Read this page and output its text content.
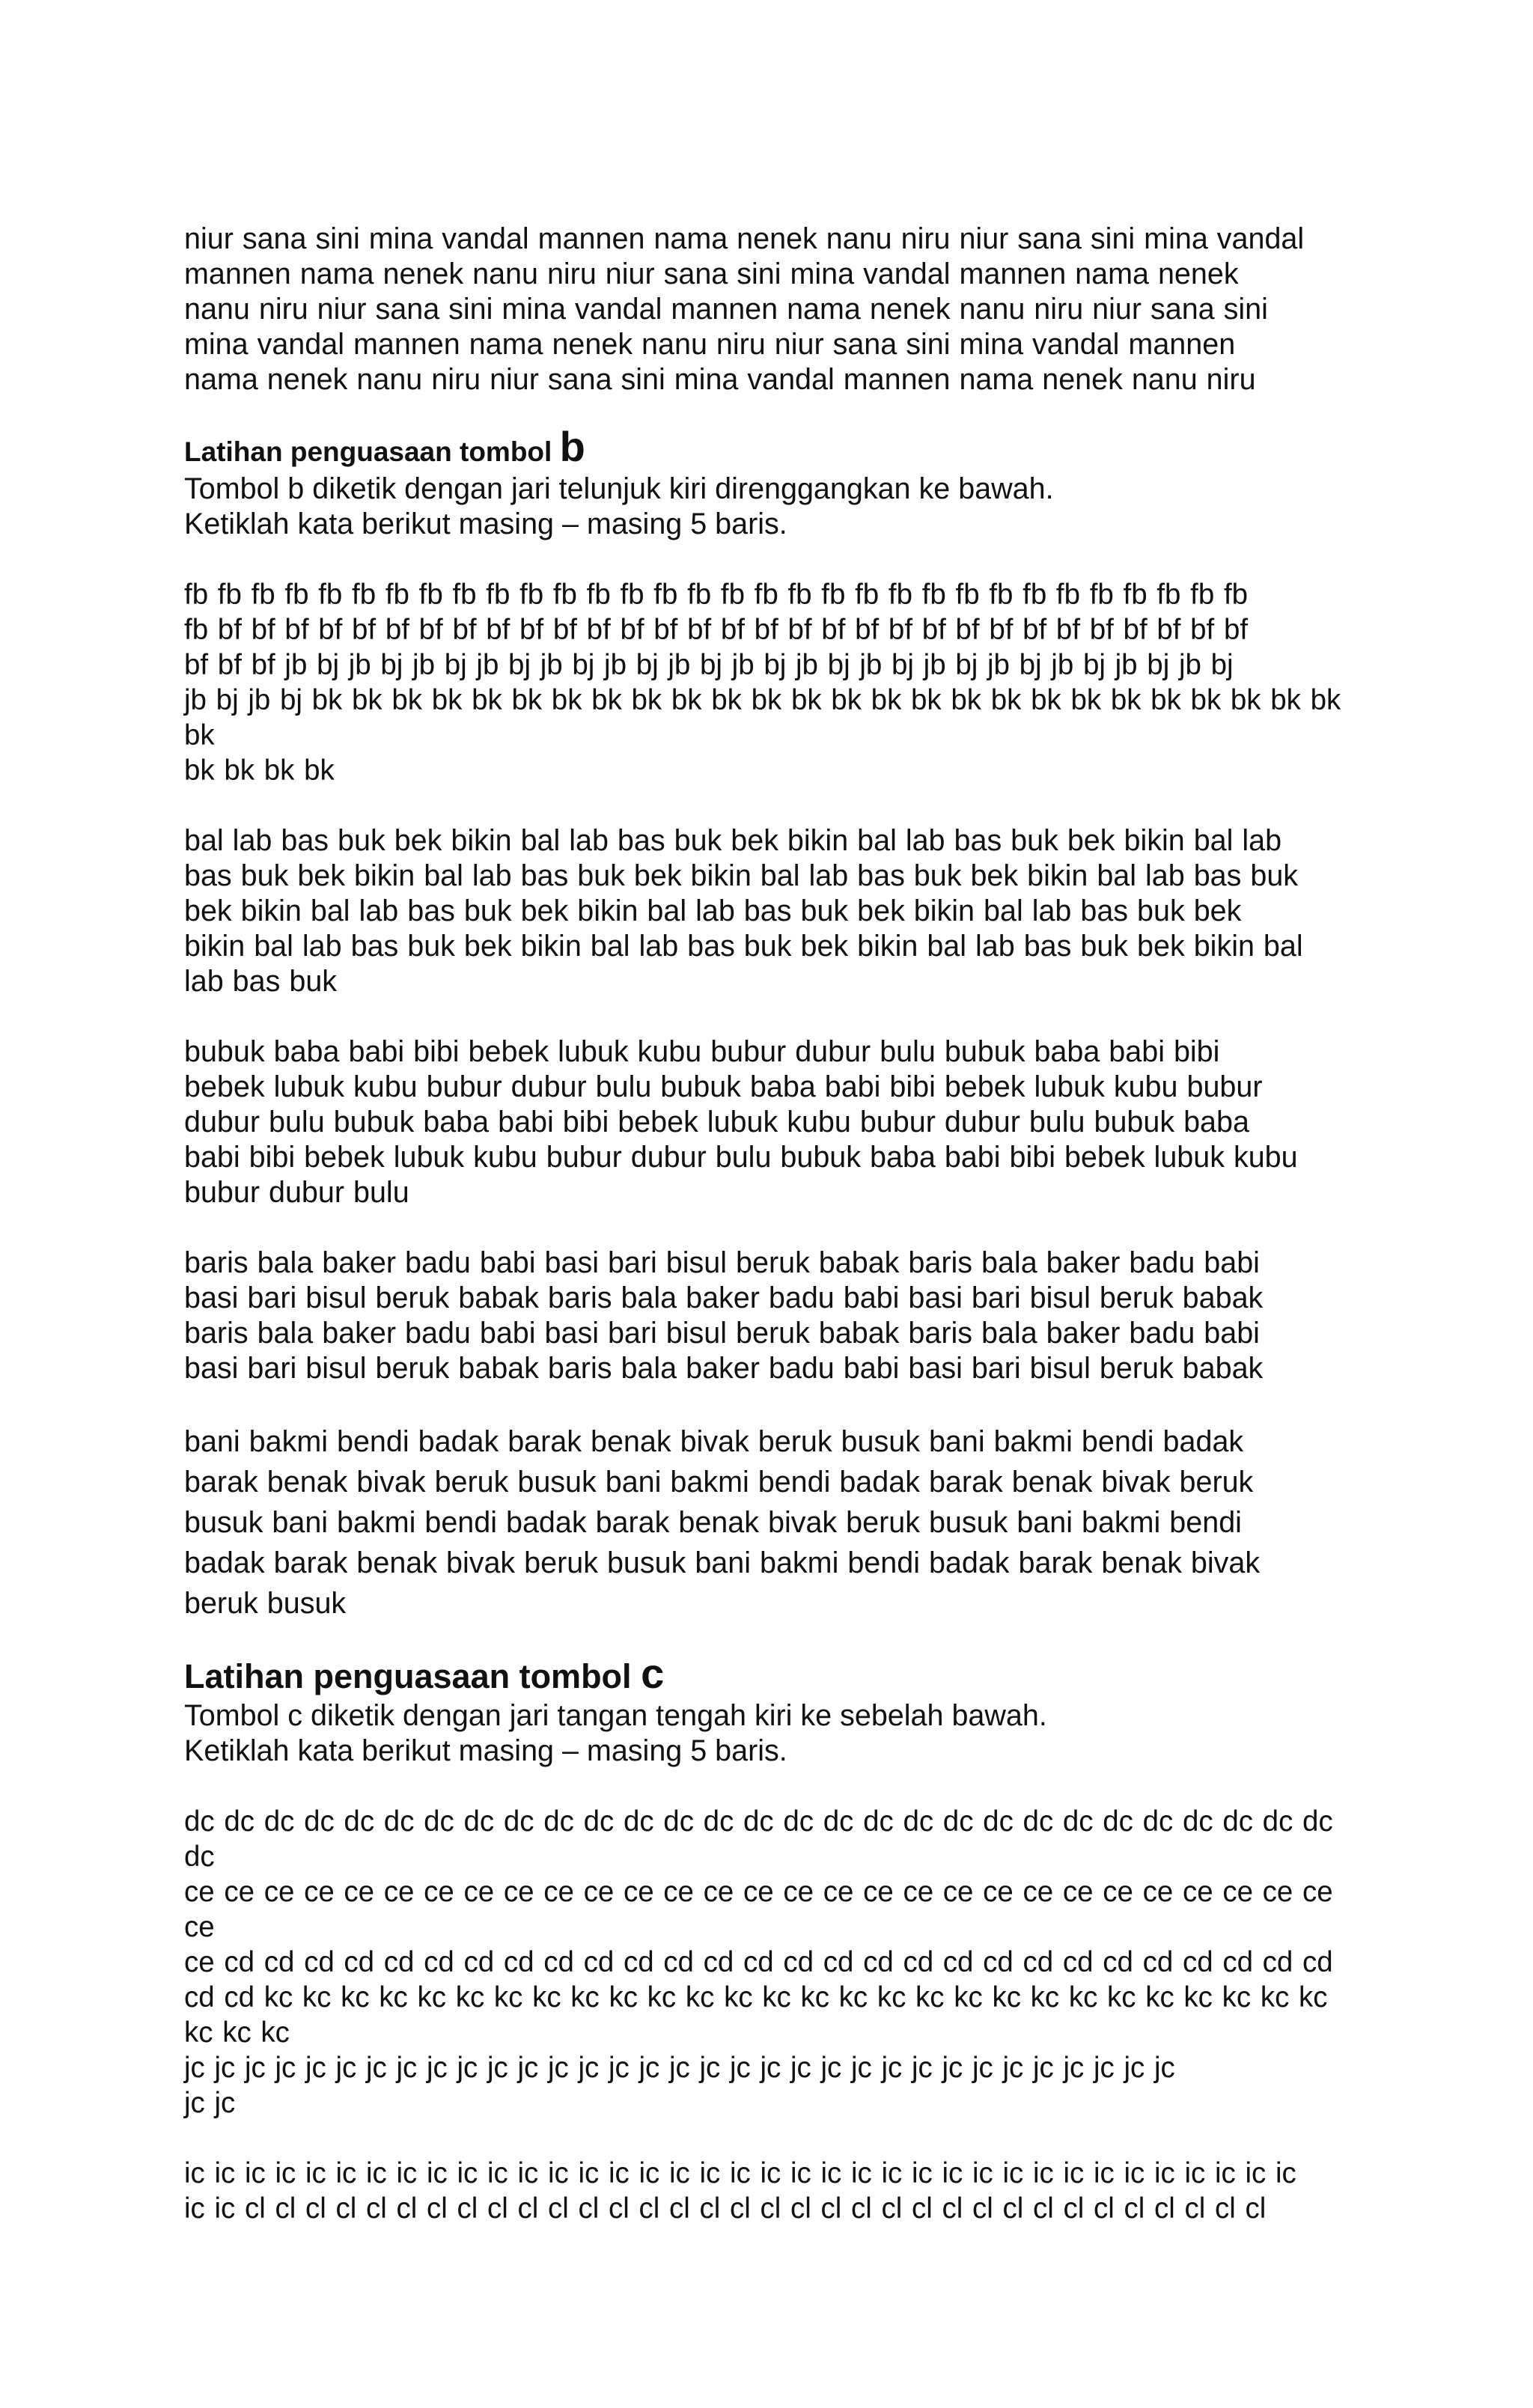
niur sana sini mina vandal mannen nama nenek nanu niru niur sana sini mina vandal
mannen nama nenek nanu niru niur sana sini mina vandal mannen nama nenek
nanu niru niur sana sini mina vandal mannen nama nenek nanu niru niur sana sini
mina vandal mannen nama nenek nanu niru niur sana sini mina vandal mannen
nama nenek nanu niru niur sana sini mina vandal mannen nama nenek nanu niru
Latihan penguasaan tombol b
Tombol b diketik dengan jari telunjuk kiri direnggangkan ke bawah.
Ketiklah kata berikut masing – masing 5 baris.
fb fb fb fb fb fb fb fb fb fb fb fb fb fb fb fb fb fb fb fb fb fb fb fb fb fb fb fb fb fb fb fb
fb bf bf bf bf bf bf bf bf bf bf bf bf bf bf bf bf bf bf bf bf bf bf bf bf bf bf bf bf bf bf bf
bf bf bf jb bj jb bj jb bj jb bj jb bj jb bj jb bj jb bj jb bj jb bj jb bj jb bj jb bj jb bj jb bj
jb bj jb bj bk bk bk bk bk bk bk bk bk bk bk bk bk bk bk bk bk bk bk bk bk bk bk bk bk bk bk
bk bk bk bk
bal lab bas buk bek bikin bal lab bas buk bek bikin bal lab bas buk bek bikin bal lab
bas buk bek bikin bal lab bas buk bek bikin bal lab bas buk bek bikin bal lab bas buk
bek bikin bal lab bas buk bek bikin bal lab bas buk bek bikin bal lab bas buk bek
bikin bal lab bas buk bek bikin bal lab bas buk bek bikin bal lab bas buk bek bikin bal
lab bas buk
bubuk baba babi bibi bebek lubuk kubu bubur dubur bulu bubuk baba babi bibi
bebek lubuk kubu bubur dubur bulu bubuk baba babi bibi bebek lubuk kubu bubur
dubur bulu bubuk baba babi bibi bebek lubuk kubu bubur dubur bulu bubuk baba
babi bibi bebek lubuk kubu bubur dubur bulu bubuk baba babi bibi bebek lubuk kubu
bubur dubur bulu
baris bala baker badu babi basi bari bisul beruk babak baris bala baker badu babi
basi bari bisul beruk babak baris bala baker badu babi basi bari bisul beruk babak
baris bala baker badu babi basi bari bisul beruk babak baris bala baker badu babi
basi bari bisul beruk babak baris bala baker badu babi basi bari bisul beruk babak
bani bakmi bendi badak barak benak bivak beruk busuk bani bakmi bendi badak
barak benak bivak beruk busuk bani bakmi bendi badak barak benak bivak beruk
busuk bani bakmi bendi badak barak benak bivak beruk busuk bani bakmi bendi
badak barak benak bivak beruk busuk bani bakmi bendi badak barak benak bivak
beruk busuk
Latihan penguasaan tombol c
Tombol c diketik dengan jari tangan tengah kiri ke sebelah bawah.
Ketiklah kata berikut masing – masing 5 baris.
dc dc dc dc dc dc dc dc dc dc dc dc dc dc dc dc dc dc dc dc dc dc dc dc dc dc dc dc dc
dc
ce ce ce ce ce ce ce ce ce ce ce ce ce ce ce ce ce ce ce ce ce ce ce ce ce ce ce ce ce ce
ce cd cd cd cd cd cd cd cd cd cd cd cd cd cd cd cd cd cd cd cd cd cd cd cd cd cd cd cd
cd cd kc kc kc kc kc kc kc kc kc kc kc kc kc kc kc kc kc kc kc kc kc kc kc kc kc kc kc kc
kc kc kc
jc jc jc jc jc jc jc jc jc jc jc jc jc jc jc jc jc jc jc jc jc jc jc jc jc jc jc jc jc jc jc jc jc
jc jc
ic ic ic ic ic ic ic ic ic ic ic ic ic ic ic ic ic ic ic ic ic ic ic ic ic ic ic ic ic ic ic ic ic ic ic ic ic
ic ic cl cl cl cl cl cl cl cl cl cl cl cl cl cl cl cl cl cl cl cl cl cl cl cl cl cl cl cl cl cl cl cl cl cl
